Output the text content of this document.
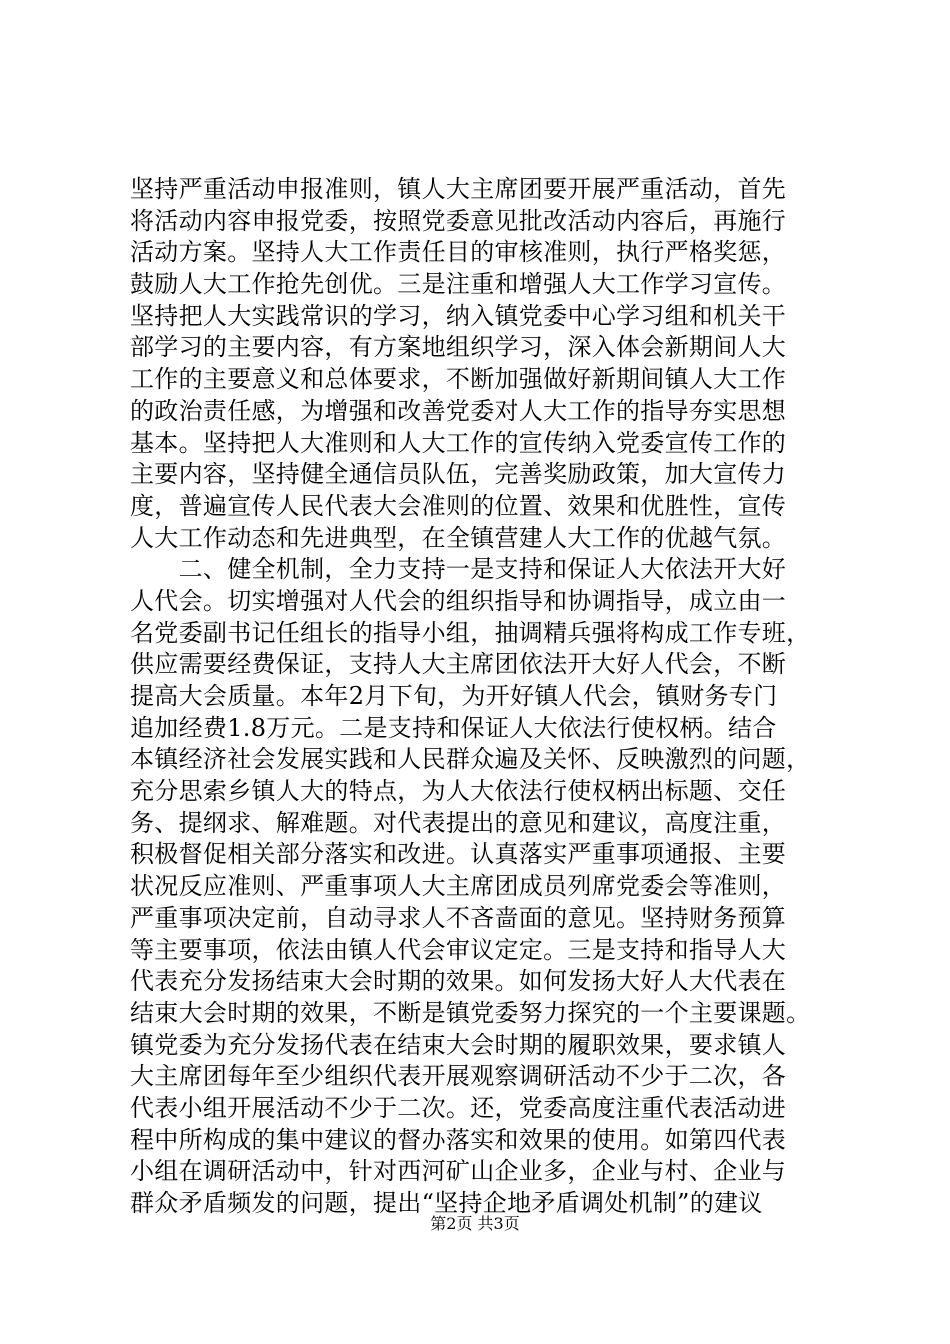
坚持严重活动申报准则，镇人大主席团要开展严重活动，首先
将活动内容申报党委，按照党委意见批改活动内容后，再施行
活动方案。坚持人大工作责任目的审核准则，执行严格奖惩，
鼓励人大工作抢先创优。三是注重和增强人大工作学习宣传。
坚持把人大实践常识的学习，纳入镇党委中心学习组和机关干
部学习的主要内容，有方案地组织学习，深入体会新期间人大
工作的主要意义和总体要求，不断加强做好新期间镇人大工作
的政治责任感，为增强和改善党委对人大工作的指导夯实思想
基本。坚持把人大准则和人大工作的宣传纳入党委宣传工作的
主要内容，坚持健全通信员队伍，完善奖励政策，加大宣传力
度，普遍宣传人民代表大会准则的位置、效果和优胜性，宣传
人大工作动态和先进典型，在全镇营建人大工作的优越气氛。
　　二、健全机制，全力支持一是支持和保证人大依法开大好
人代会。切实增强对人代会的组织指导和协调指导，成立由一
名党委副书记任组长的指导小组，抽调精兵强将构成工作专班，
供应需要经费保证，支持人大主席团依法开大好人代会，不断
提高大会质量。本年2月下旬，为开好镇人代会，镇财务专门
追加经费1.8万元。二是支持和保证人大依法行使权柄。结合
本镇经济社会发展实践和人民群众遍及关怀、反映激烈的问题，
充分思索乡镇人大的特点，为人大依法行使权柄出标题、交任
务、提纲求、解难题。对代表提出的意见和建议，高度注重，
积极督促相关部分落实和改进。认真落实严重事项通报、主要
状况反应准则、严重事项人大主席团成员列席党委会等准则，
严重事项决定前，自动寻求人不吝啬面的意见。坚持财务预算
等主要事项，依法由镇人代会审议定定。三是支持和指导人大
代表充分发扬结束大会时期的效果。如何发扬大好人大代表在
结束大会时期的效果，不断是镇党委努力探究的一个主要课题。
镇党委为充分发扬代表在结束大会时期的履职效果，要求镇人
大主席团每年至少组织代表开展观察调研活动不少于二次，各
代表小组开展活动不少于二次。还，党委高度注重代表活动进
程中所构成的集中建议的督办落实和效果的使用。如第四代表
小组在调研活动中，针对西河矿山企业多，企业与村、企业与
群众矛盾频发的问题，提出“坚持企地矛盾调处机制”的建议
第2页 共3页
